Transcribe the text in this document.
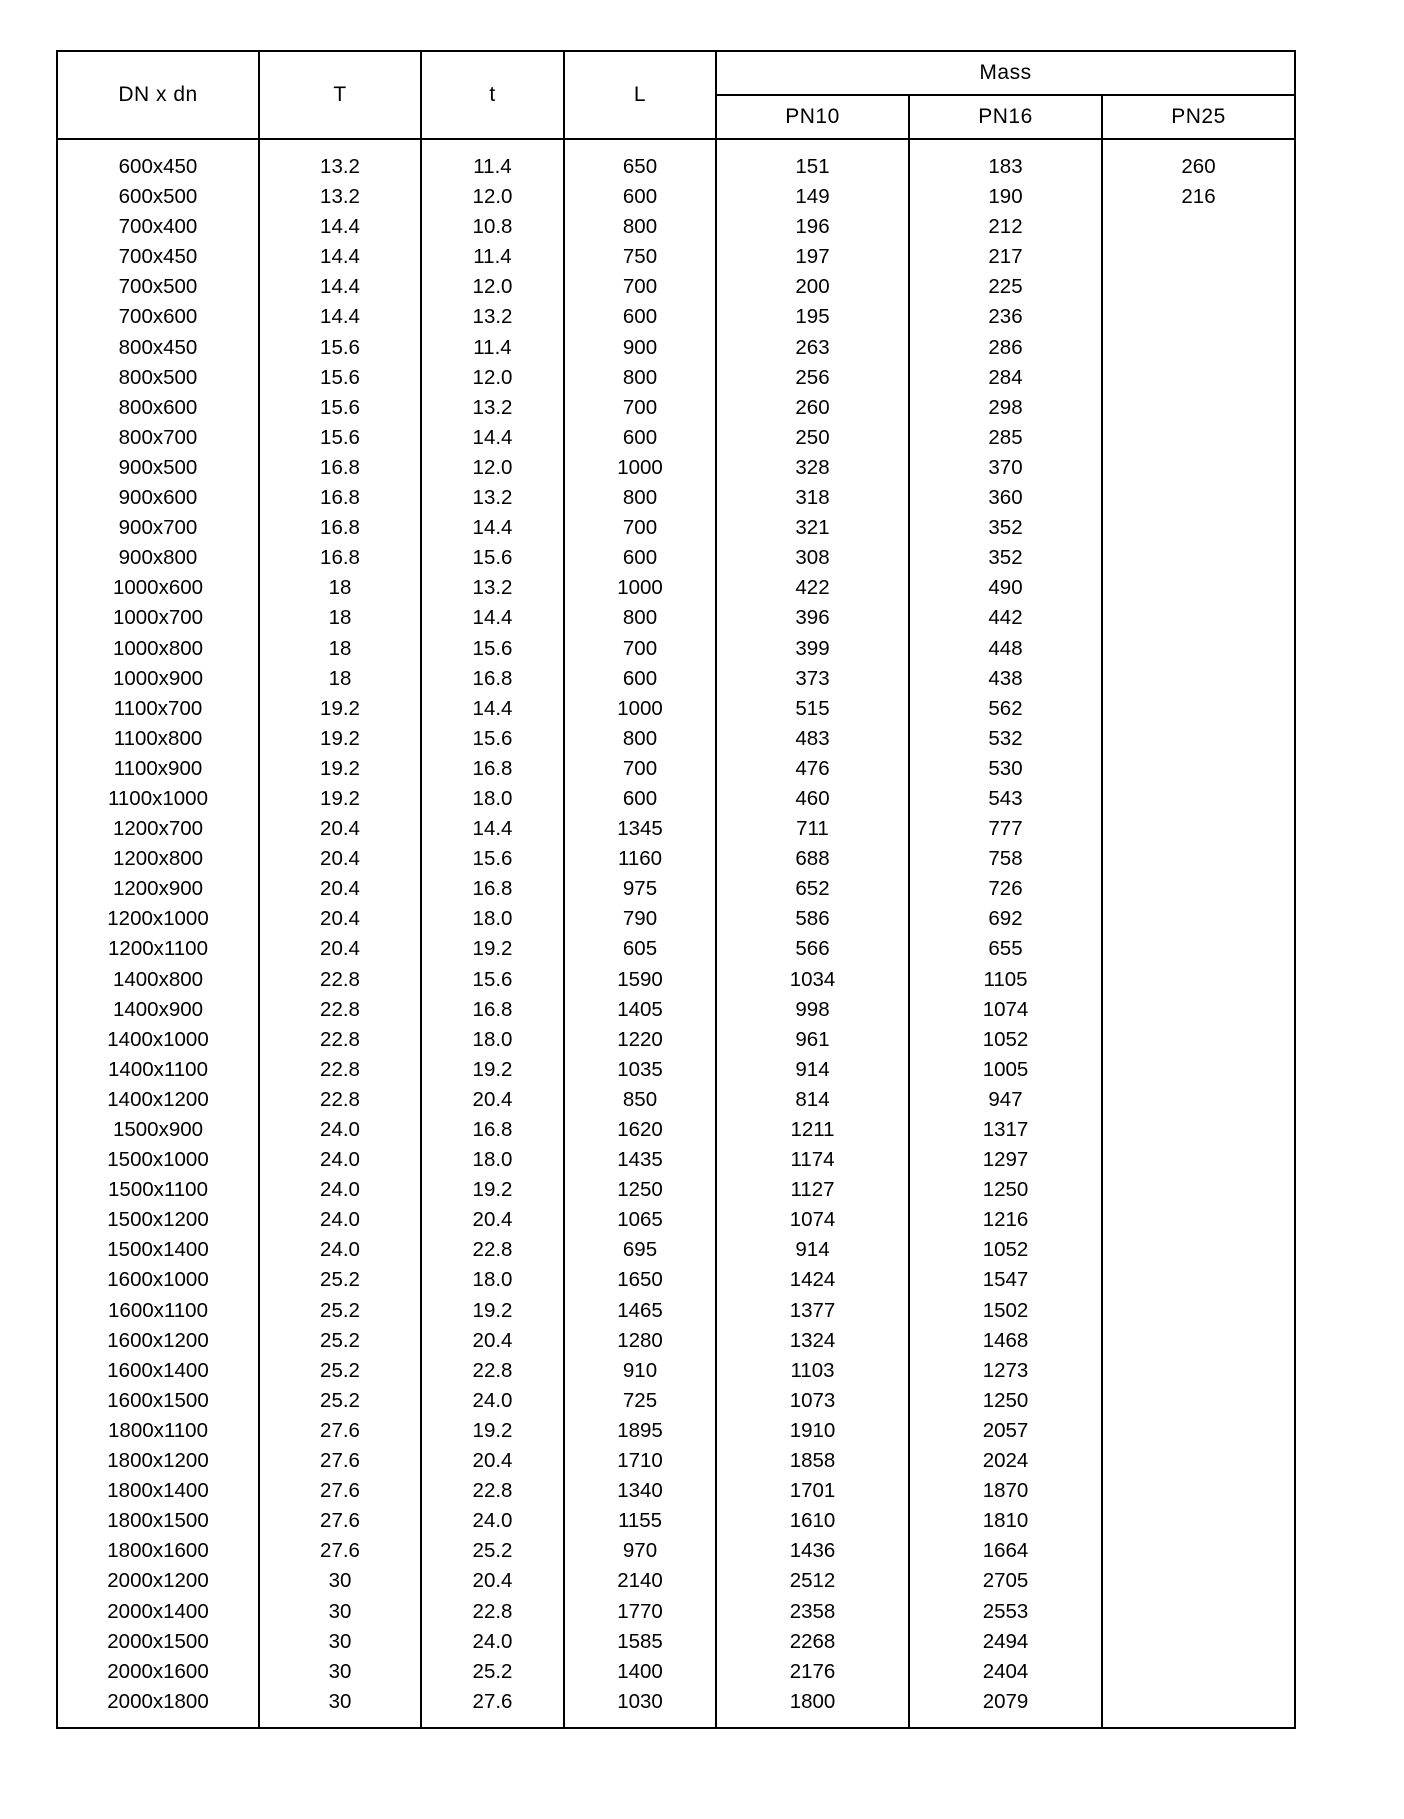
DN x dn	T	t	L	Mass		
				PN10	PN16	PN25
600x450	13.2	11.4	650	151	183	260
600x500	13.2	12.0	600	149	190	216
700x400	14.4	10.8	800	196	212	
700x450	14.4	11.4	750	197	217	
700x500	14.4	12.0	700	200	225	
700x600	14.4	13.2	600	195	236	
800x450	15.6	11.4	900	263	286	
800x500	15.6	12.0	800	256	284	
800x600	15.6	13.2	700	260	298	
800x700	15.6	14.4	600	250	285	
900x500	16.8	12.0	1000	328	370	
900x600	16.8	13.2	800	318	360	
900x700	16.8	14.4	700	321	352	
900x800	16.8	15.6	600	308	352	
1000x600	18	13.2	1000	422	490	
1000x700	18	14.4	800	396	442	
1000x800	18	15.6	700	399	448	
1000x900	18	16.8	600	373	438	
1100x700	19.2	14.4	1000	515	562	
1100x800	19.2	15.6	800	483	532	
1100x900	19.2	16.8	700	476	530	
1100x1000	19.2	18.0	600	460	543	
1200x700	20.4	14.4	1345	711	777	
1200x800	20.4	15.6	1160	688	758	
1200x900	20.4	16.8	975	652	726	
1200x1000	20.4	18.0	790	586	692	
1200x1100	20.4	19.2	605	566	655	
1400x800	22.8	15.6	1590	1034	1105	
1400x900	22.8	16.8	1405	998	1074	
1400x1000	22.8	18.0	1220	961	1052	
1400x1100	22.8	19.2	1035	914	1005	
1400x1200	22.8	20.4	850	814	947	
1500x900	24.0	16.8	1620	1211	1317	
1500x1000	24.0	18.0	1435	1174	1297	
1500x1100	24.0	19.2	1250	1127	1250	
1500x1200	24.0	20.4	1065	1074	1216	
1500x1400	24.0	22.8	695	914	1052	
1600x1000	25.2	18.0	1650	1424	1547	
1600x1100	25.2	19.2	1465	1377	1502	
1600x1200	25.2	20.4	1280	1324	1468	
1600x1400	25.2	22.8	910	1103	1273	
1600x1500	25.2	24.0	725	1073	1250	
1800x1100	27.6	19.2	1895	1910	2057	
1800x1200	27.6	20.4	1710	1858	2024	
1800x1400	27.6	22.8	1340	1701	1870	
1800x1500	27.6	24.0	1155	1610	1810	
1800x1600	27.6	25.2	970	1436	1664	
2000x1200	30	20.4	2140	2512	2705	
2000x1400	30	22.8	1770	2358	2553	
2000x1500	30	24.0	1585	2268	2494	
2000x1600	30	25.2	1400	2176	2404	
2000x1800	30	27.6	1030	1800	2079	
